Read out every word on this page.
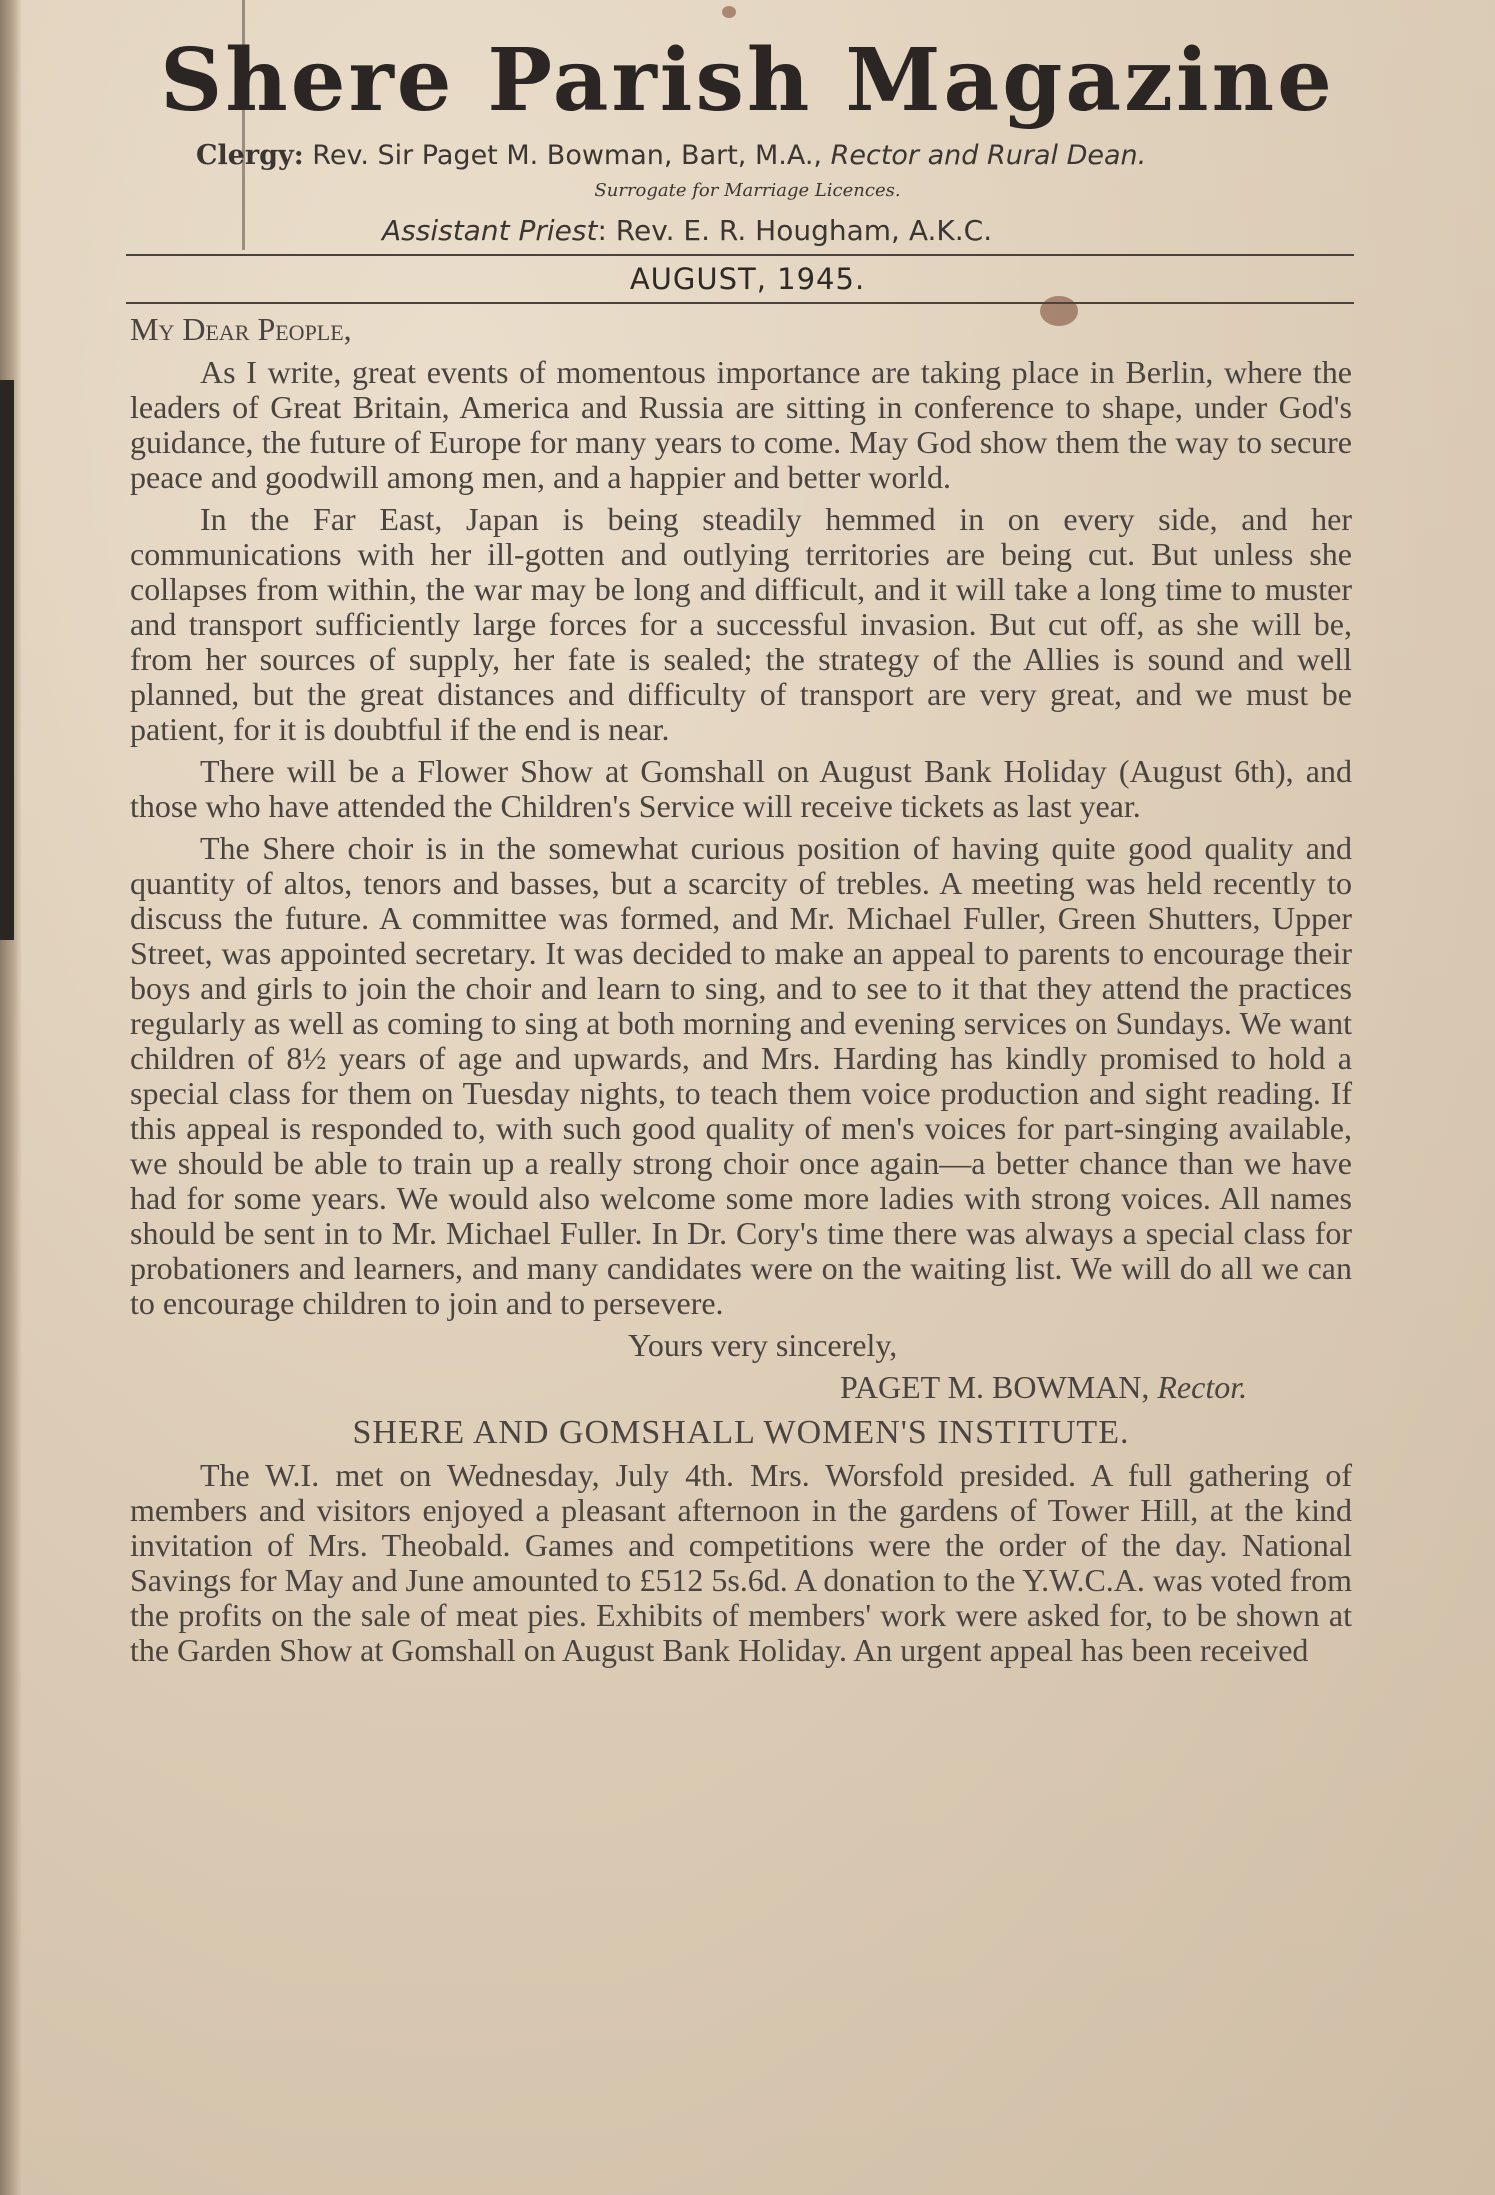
Shere Parish Magazine
Clergy: Rev. Sir Paget M. Bowman, Bart, M.A., Rector and Rural Dean.
Surrogate for Marriage Licences.
Assistant Priest: Rev. E. R. Hougham, A.K.C.
AUGUST, 1945.
My Dear People,

As I write, great events of momentous importance are taking place in Berlin, where the leaders of Great Britain, America and Russia are sitting in conference to shape, under God's guidance, the future of Europe for many years to come. May God show them the way to secure peace and goodwill among men, and a happier and better world.

In the Far East, Japan is being steadily hemmed in on every side, and her communications with her ill-gotten and outlying territories are being cut. But unless she collapses from within, the war may be long and difficult, and it will take a long time to muster and transport sufficiently large forces for a successful invasion. But cut off, as she will be, from her sources of supply, her fate is sealed; the strategy of the Allies is sound and well planned, but the great distances and difficulty of transport are very great, and we must be patient, for it is doubtful if the end is near.

There will be a Flower Show at Gomshall on August Bank Holiday (August 6th), and those who have attended the Children's Service will receive tickets as last year.

The Shere choir is in the somewhat curious position of having quite good quality and quantity of altos, tenors and basses, but a scarcity of trebles. A meeting was held recently to discuss the future. A committee was formed, and Mr. Michael Fuller, Green Shutters, Upper Street, was appointed secretary. It was decided to make an appeal to parents to encourage their boys and girls to join the choir and learn to sing, and to see to it that they attend the practices regularly as well as coming to sing at both morning and evening services on Sundays. We want children of 8½ years of age and upwards, and Mrs. Harding has kindly promised to hold a special class for them on Tuesday nights, to teach them voice production and sight reading. If this appeal is responded to, with such good quality of men's voices for part-singing available, we should be able to train up a really strong choir once again—a better chance than we have had for some years. We would also welcome some more ladies with strong voices. All names should be sent in to Mr. Michael Fuller. In Dr. Cory's time there was always a special class for probationers and learners, and many candidates were on the waiting list. We will do all we can to encourage children to join and to persevere.

Yours very sincerely,

PAGET M. BOWMAN, Rector.

SHERE AND GOMSHALL WOMEN'S INSTITUTE.

The W.I. met on Wednesday, July 4th. Mrs. Worsfold presided. A full gathering of members and visitors enjoyed a pleasant afternoon in the gardens of Tower Hill, at the kind invitation of Mrs. Theobald. Games and competitions were the order of the day. National Savings for May and June amounted to £512 5s.6d. A donation to the Y.W.C.A. was voted from the profits on the sale of meat pies. Exhibits of members' work were asked for, to be shown at the Garden Show at Gomshall on August Bank Holiday. An urgent appeal has been received
